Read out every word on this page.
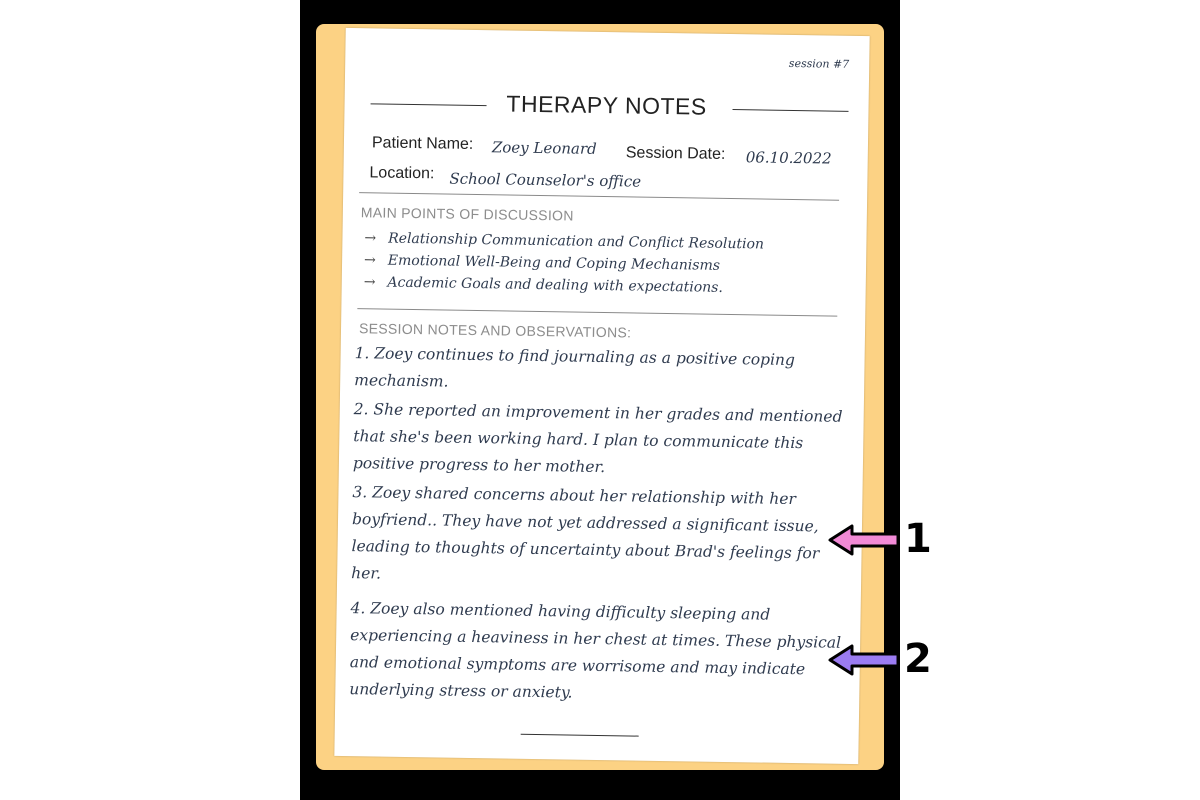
session #7
THERAPY NOTES
Patient Name: Zoey Leonard Session Date: 06.10.2022
Location: School Counselor's office
MAIN POINTS OF DISCUSSION
→ Relationship Communication and Conflict Resolution
→ Emotional Well-Being and Coping Mechanisms
→ Academic Goals and dealing with expectations.
SESSION NOTES AND OBSERVATIONS:
1. Zoey continues to find journaling as a positive coping mechanism.
2. She reported an improvement in her grades and mentioned that she's been working hard. I plan to communicate this positive progress to her mother.
3. Zoey shared concerns about her relationship with her boyfriend.. They have not yet addressed a significant issue, leading to thoughts of uncertainty about Brad's feelings for her.
4. Zoey also mentioned having difficulty sleeping and experiencing a heaviness in her chest at times. These physical and emotional symptoms are worrisome and may indicate underlying stress or anxiety.
1
2
